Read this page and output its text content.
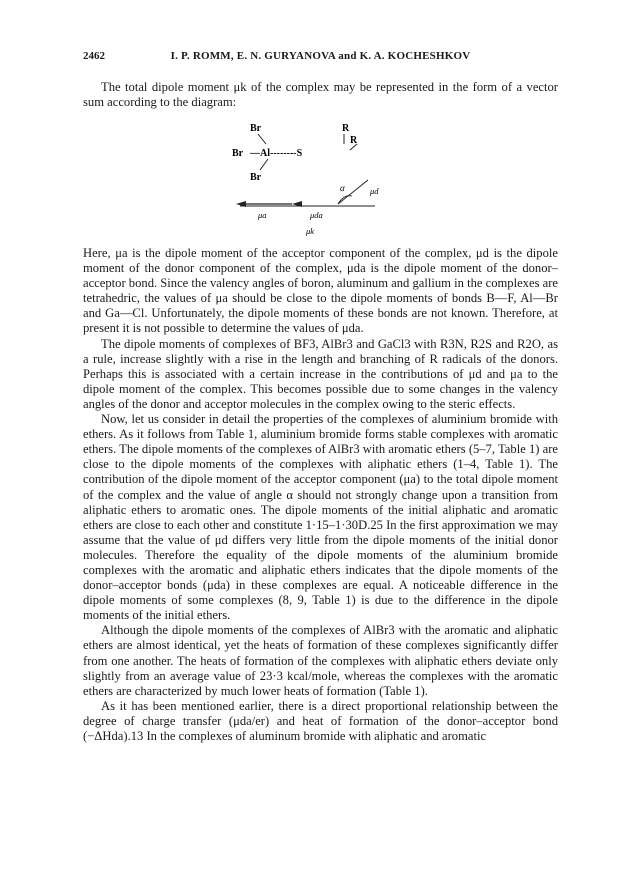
2462	I. P. ROMM, E. N. GURYANOVA and K. A. KOCHESHKOV

The total dipole moment μk of the complex may be represented in the form of a vector sum according to the diagram:

Br	R
R
Br —Al--------S
Br
α	μd
μa	μda
μk

Here, μa is the dipole moment of the acceptor component of the complex, μd is the dipole moment of the donor component of the complex, μda is the dipole moment of the donor–acceptor bond. Since the valency angles of boron, aluminum and gallium in the complexes are tetrahedric, the values of μa should be close to the dipole moments of bonds B—F, Al—Br and Ga—Cl. Unfortunately, the dipole moments of these bonds are not known. Therefore, at present it is not possible to determine the values of μda.

The dipole moments of complexes of BF3, AlBr3 and GaCl3 with R3N, R2S and R2O, as a rule, increase slightly with a rise in the length and branching of R radicals of the donors. Perhaps this is associated with a certain increase in the contributions of μd and μa to the dipole moment of the complex. This becomes possible due to some changes in the valency angles of the donor and acceptor molecules in the complex owing to the steric effects.

Now, let us consider in detail the properties of the complexes of aluminium bromide with ethers. As it follows from Table 1, aluminium bromide forms stable complexes with aromatic ethers. The dipole moments of the complexes of AlBr3 with aromatic ethers (5–7, Table 1) are close to the dipole moments of the complexes with aliphatic ethers (1–4, Table 1). The contribution of the dipole moment of the acceptor component (μa) to the total dipole moment of the complex and the value of angle α should not strongly change upon a transition from aliphatic ethers to aromatic ones. The dipole moments of the initial aliphatic and aromatic ethers are close to each other and constitute 1·15–1·30D.25 In the first approximation we may assume that the value of μd differs very little from the dipole moments of the initial donor molecules. Therefore the equality of the dipole moments of the aluminium bromide complexes with the aromatic and aliphatic ethers indicates that the dipole moments of the donor–acceptor bonds (μda) in these complexes are equal. A noticeable difference in the dipole moments of some complexes (8, 9, Table 1) is due to the difference in the dipole moments of the initial ethers.

Although the dipole moments of the complexes of AlBr3 with the aromatic and aliphatic ethers are almost identical, yet the heats of formation of these complexes significantly differ from one another. The heats of formation of the complexes with aliphatic ethers deviate only slightly from an average value of 23·3 kcal/mole, whereas the complexes with the aromatic ethers are characterized by much lower heats of formation (Table 1).

As it has been mentioned earlier, there is a direct proportional relationship between the degree of charge transfer (μda/er) and heat of formation of the donor–acceptor bond (−ΔHda).13 In the complexes of aluminum bromide with aliphatic and aromatic
